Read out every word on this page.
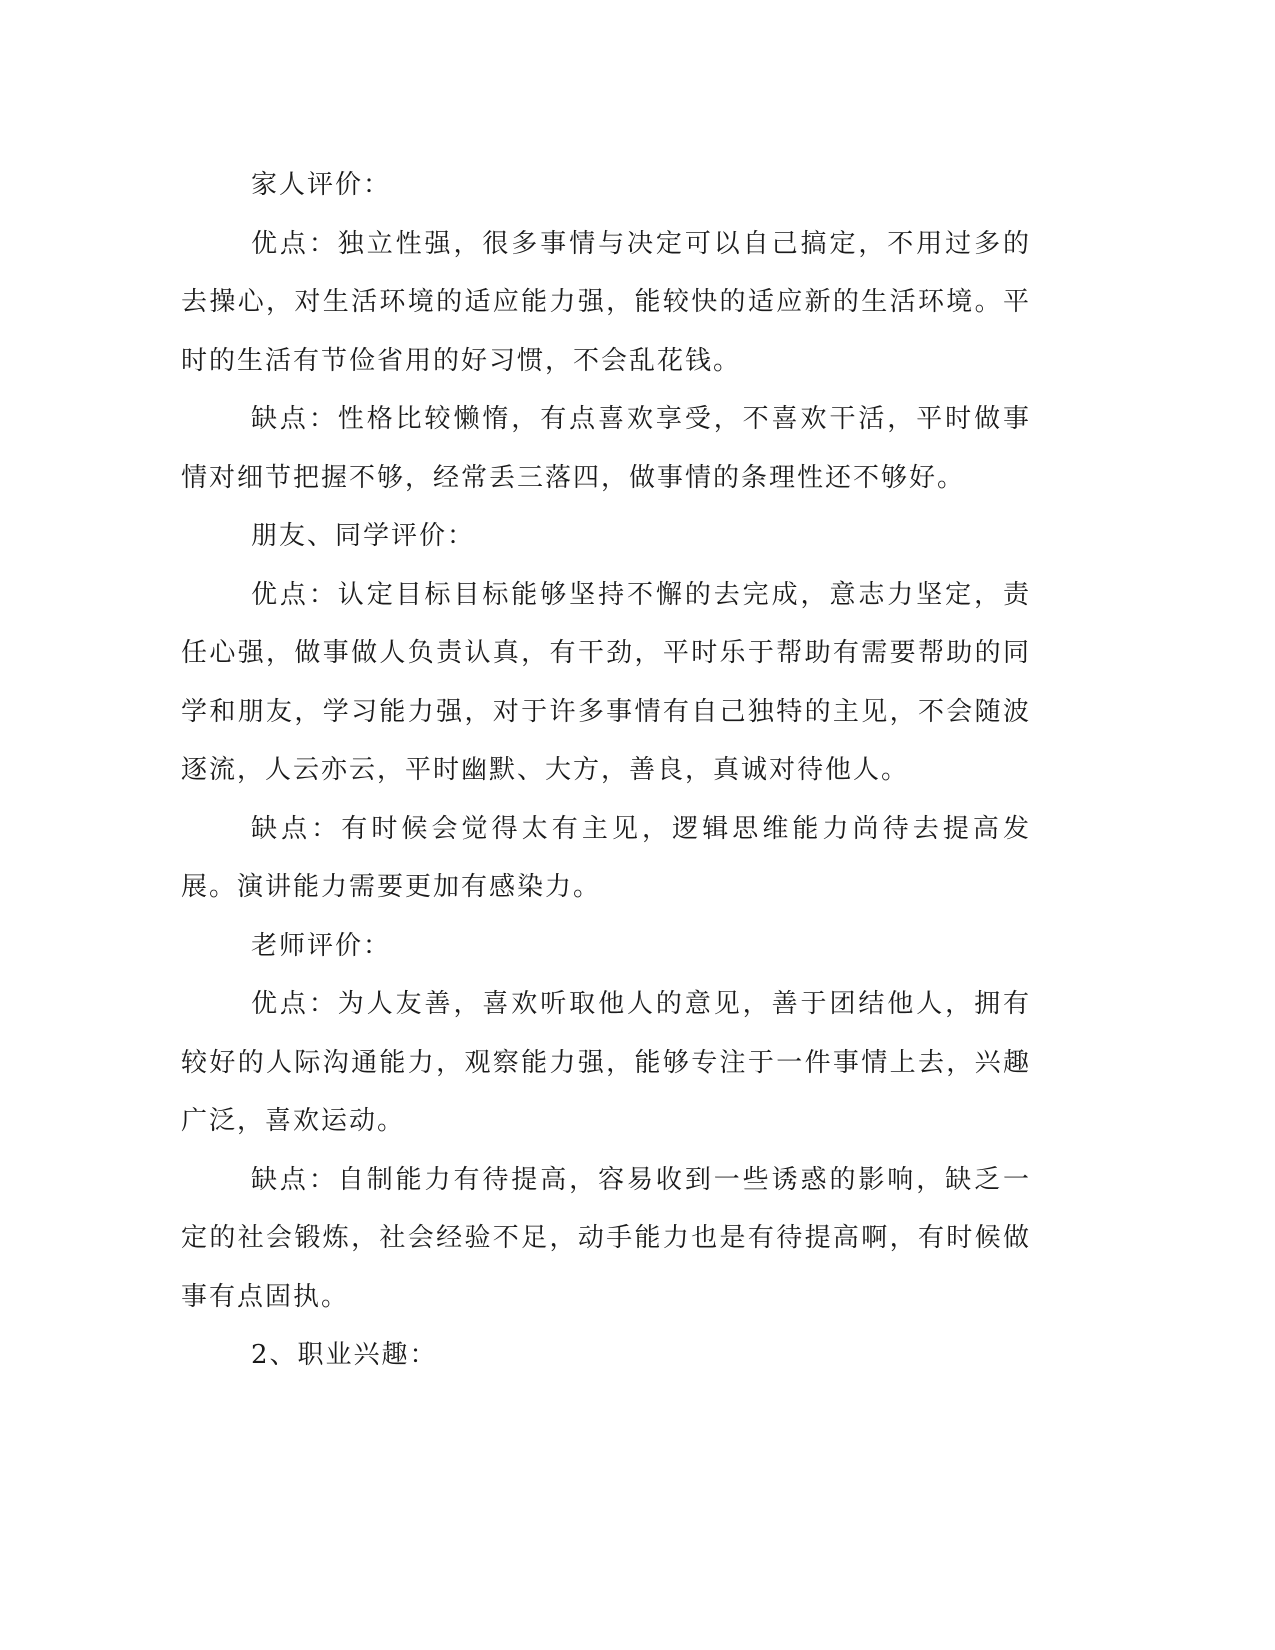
家人评价：

优点：独立性强，很多事情与决定可以自己搞定，不用过多的去操心，对生活环境的适应能力强，能较快的适应新的生活环境。平时的生活有节俭省用的好习惯，不会乱花钱。

缺点：性格比较懒惰，有点喜欢享受，不喜欢干活，平时做事情对细节把握不够，经常丢三落四，做事情的条理性还不够好。

朋友、同学评价：

优点：认定目标目标能够坚持不懈的去完成，意志力坚定，责任心强，做事做人负责认真，有干劲，平时乐于帮助有需要帮助的同学和朋友，学习能力强，对于许多事情有自己独特的主见，不会随波逐流，人云亦云，平时幽默、大方，善良，真诚对待他人。

缺点：有时候会觉得太有主见，逻辑思维能力尚待去提高发展。演讲能力需要更加有感染力。

老师评价：

优点：为人友善，喜欢听取他人的意见，善于团结他人，拥有较好的人际沟通能力，观察能力强，能够专注于一件事情上去，兴趣广泛，喜欢运动。

缺点：自制能力有待提高，容易收到一些诱惑的影响，缺乏一定的社会锻炼，社会经验不足，动手能力也是有待提高啊，有时候做事有点固执。

2、职业兴趣：
